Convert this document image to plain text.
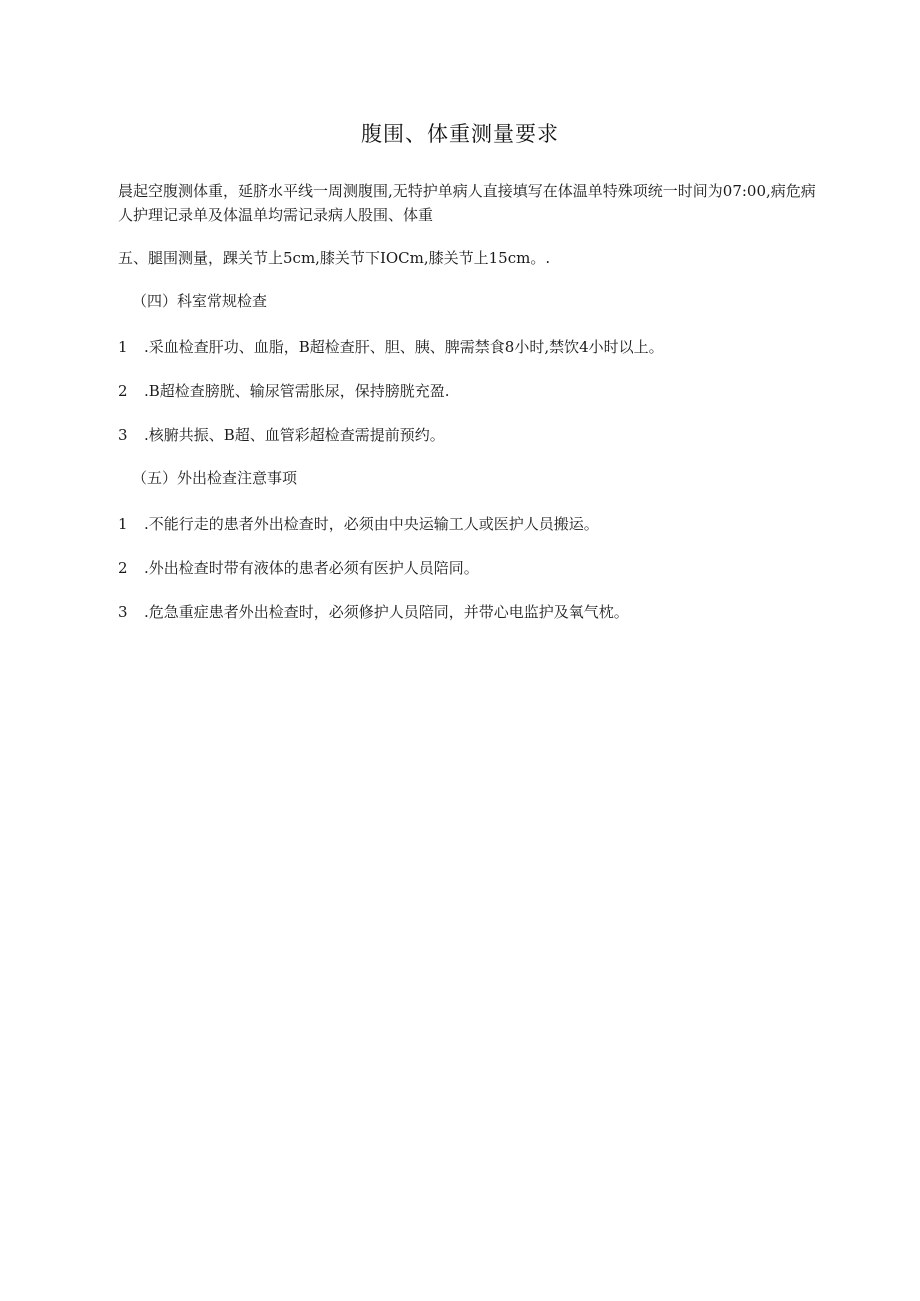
腹围、体重测量要求
晨起空腹测体重，延脐水平线一周测腹围,无特护单病人直接填写在体温单特殊项统一时间为07:00,病危病人护理记录单及体温单均需记录病人股围、体重
五、腿围测量，踝关节上5cm,膝关节下IOCm,膝关节上15cm。.
（四）科室常规检查
1 .采血检查肝功、血脂，B超检查肝、胆、胰、脾需禁食8小时,禁饮4小时以上。
2 .B超检查膀胱、输尿管需胀尿，保持膀胱充盈.
3 .核腑共振、B超、血管彩超检查需提前预约。
（五）外出检查注意事项
1 .不能行走的患者外出检查时，必须由中央运输工人或医护人员搬运。
2 .外出检查时带有液体的患者必须有医护人员陪同。
3 .危急重症患者外出检查时，必须修护人员陪同，并带心电监护及氧气枕。
